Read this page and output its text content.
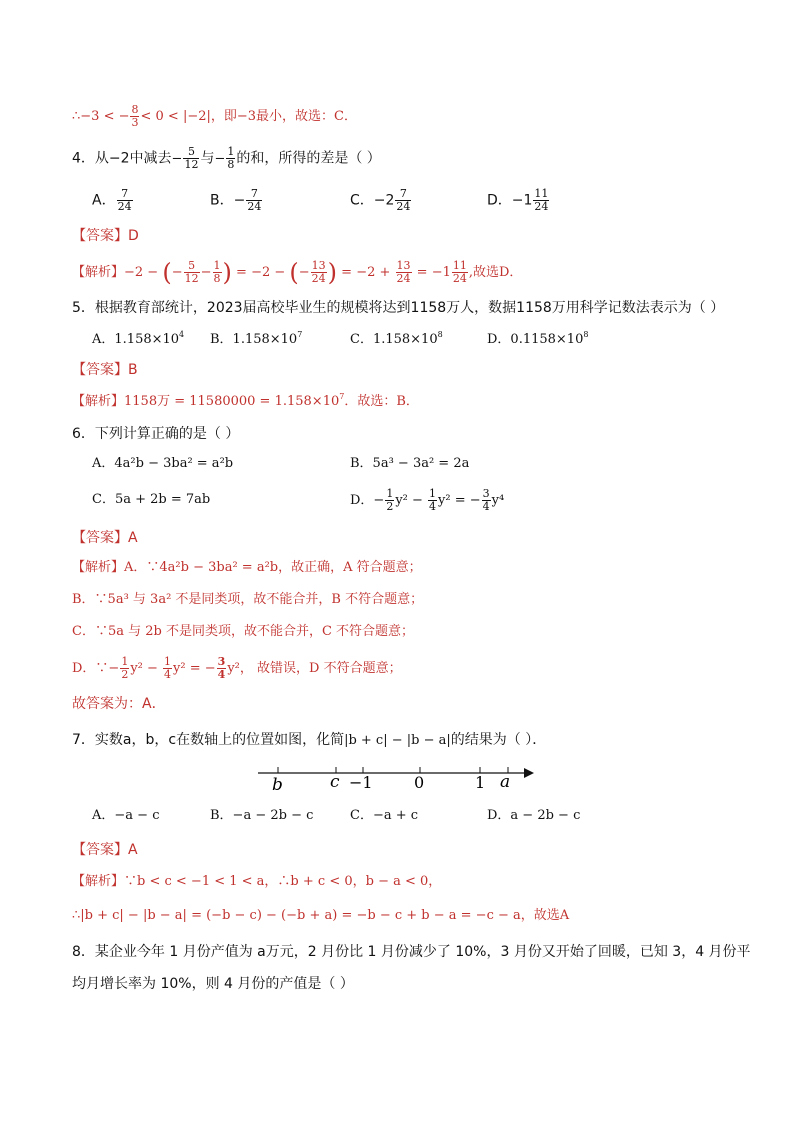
∴−3 < − $\frac{8}{3} < 0 < |-2|$，即−3最小，故选：C．
4．从−2中减去− $\frac{5}{12}$ 与− $\frac{1}{8}$ 的和，所得的差是（ ）
A． $\frac{7}{24}$	B．− $\frac{7}{24}$	C．$-2 \frac{7}{24}$	D．$-1 \frac{11}{24}$
【答案】D
【解析】−2 − (− $\frac{5}{12} - \frac{1}{8}$ ) = −2 − (− $\frac{13}{24}$ ) = $-2 + \frac{13}{24} = -1 \frac{11}{24}$ ,故选D．
5．根据教育部统计，2023届高校毕业生的规模将达到1158万人，数据1158万用科学记数法表示为（ ）
A．$1.158\times 10^4$ B．$1.158\times 10^7$	C．$1.158\times 10^8$	D．$0.1158\times 10^8$
【答案】B
【解析】1158万 = $11580000 = 1.158\times 10^7$．故选：B．
6．下列计算正确的是（ ）
A．4a²b − 3ba² = a²b	B．5a³ − 3a² = 2a
C．5a + 2b = 7ab	D．− $\frac{1}{2} y^2 - \frac{1}{4} y^2$ = − $\frac{3}{4} y^4$
【答案】A
【解析】A．∵4a²b − 3ba² = a²b，故正确，A 符合题意；
B．∵5a³ 与 3a² 不是同类项，故不能合并，B 不符合题意；
C．∵5a 与 2b 不是同类项，故不能合并，C 不符合题意；
D．∵− $\frac{1}{2} y^2 - \frac{1}{4} y^2$ = − $\frac{3}{4} y^2$， 故错误，D 不符合题意；
故答案为：A．
7．实数a，b，c在数轴上的位置如图，化简|b + c| − |b − a|的结果为（ ）．
b	c −1	0	1 a
A．−a − c	B．−a − 2b − c	C．−a + c	D．a − 2b − c
【答案】A
【解析】∵b < c < −1 < 1 < a，∴b + c < 0，b − a < 0，
∴|b + c| − |b − a| = (−b − c) − (−b + a) = −b − c + b − a = −c − a，故选A
8．某企业今年 1 月份产值为 a万元，2 月份比 1 月份减少了 10%，3 月份又开始了回暖，已知 3，4 月份平
均月增长率为 10%，则 4 月份的产值是（ ）
